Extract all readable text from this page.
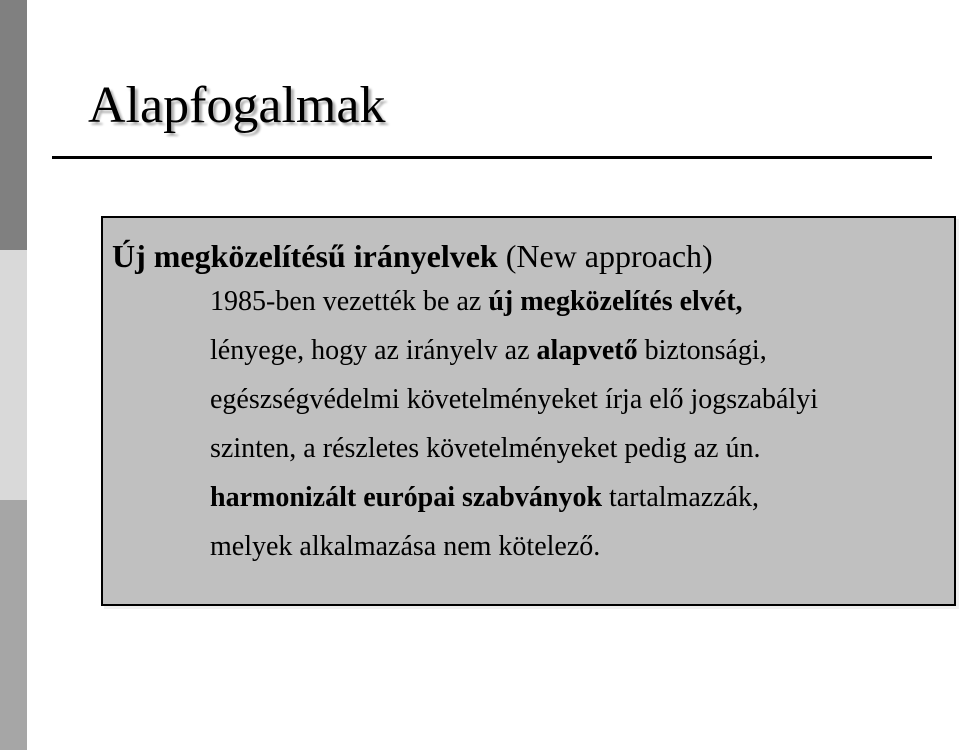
Alapfogalmak

Új megközelítésű irányelvek (New approach)

1985-ben vezették be az új megközelítés elvét,
lényege, hogy az irányelv az alapvető biztonsági,
egészségvédelmi követelményeket írja elő jogszabályi
szinten, a részletes követelményeket pedig az ún.
harmonizált európai szabványok tartalmazzák,
melyek alkalmazása nem kötelező.
